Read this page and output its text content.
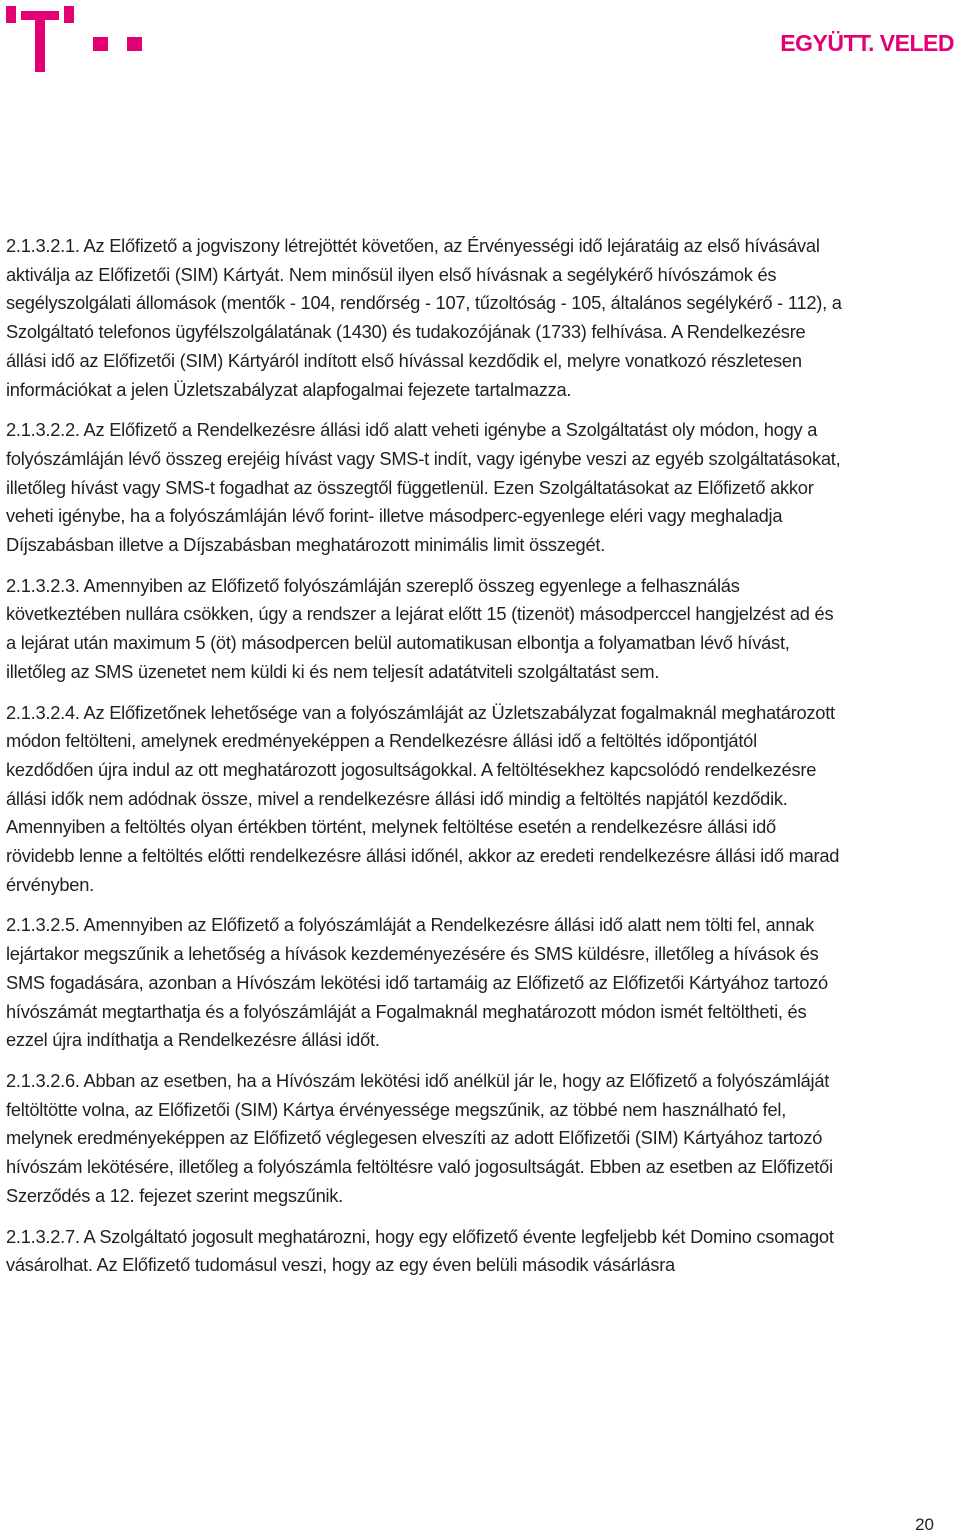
EGYÜTT. VELED

2.1.3.2.1. Az Előfizető a jogviszony létrejöttét követően, az Érvényességi idő lejáratáig az első hívásával aktiválja az Előfizetői (SIM) Kártyát. Nem minősül ilyen első hívásnak a segélykérő hívószámok és segélyszolgálati állomások (mentők - 104, rendőrség - 107, tűzoltóság - 105, általános segélykérő - 112), a Szolgáltató telefonos ügyfélszolgálatának (1430) és tudakozójának (1733) felhívása. A Rendelkezésre állási idő az Előfizetői (SIM) Kártyáról indított első hívással kezdődik el, melyre vonatkozó részletesen információkat a jelen Üzletszabályzat alapfogalmai fejezete tartalmazza.

2.1.3.2.2. Az Előfizető a Rendelkezésre állási idő alatt veheti igénybe a Szolgáltatást oly módon, hogy a folyószámláján lévő összeg erejéig hívást vagy SMS-t indít, vagy igénybe veszi az egyéb szolgáltatásokat, illetőleg hívást vagy SMS-t fogadhat az összegtől függetlenül. Ezen Szolgáltatásokat az Előfizető akkor veheti igénybe, ha a folyószámláján lévő forint- illetve másodperc-egyenlege eléri vagy meghaladja Díjszabásban illetve a Díjszabásban meghatározott minimális limit összegét.

2.1.3.2.3. Amennyiben az Előfizető folyószámláján szereplő összeg egyenlege a felhasználás következtében nullára csökken, úgy a rendszer a lejárat előtt 15 (tizenöt) másodperccel hangjelzést ad és a lejárat után maximum 5 (öt) másodpercen belül automatikusan elbontja a folyamatban lévő hívást, illetőleg az SMS üzenetet nem küldi ki és nem teljesít adatátviteli szolgáltatást sem.

2.1.3.2.4. Az Előfizetőnek lehetősége van a folyószámláját az Üzletszabályzat fogalmaknál meghatározott módon feltölteni, amelynek eredményeképpen a Rendelkezésre állási idő a feltöltés időpontjától kezdődően újra indul az ott meghatározott jogosultságokkal. A feltöltésekhez kapcsolódó rendelkezésre állási idők nem adódnak össze, mivel a rendelkezésre állási idő mindig a feltöltés napjától kezdődik. Amennyiben a feltöltés olyan értékben történt, melynek feltöltése esetén a rendelkezésre állási idő rövidebb lenne a feltöltés előtti rendelkezésre állási időnél, akkor az eredeti rendelkezésre állási idő marad érvényben.

2.1.3.2.5. Amennyiben az Előfizető a folyószámláját a Rendelkezésre állási idő alatt nem tölti fel, annak lejártakor megszűnik a lehetőség a hívások kezdeményezésére és SMS küldésre, illetőleg a hívások és SMS fogadására, azonban a Hívószám lekötési idő tartamáig az Előfizető az Előfizetői Kártyához tartozó hívószámát megtarthatja és a folyószámláját a Fogalmaknál meghatározott módon ismét feltöltheti, és ezzel újra indíthatja a Rendelkezésre állási időt.

2.1.3.2.6. Abban az esetben, ha a Hívószám lekötési idő anélkül jár le, hogy az Előfizető a folyószámláját feltöltötte volna, az Előfizetői (SIM) Kártya érvényessége megszűnik, az többé nem használható fel, melynek eredményeképpen az Előfizető véglegesen elveszíti az adott Előfizetői (SIM) Kártyához tartozó hívószám lekötésére, illetőleg a folyószámla feltöltésre való jogosultságát. Ebben az esetben az Előfizetői Szerződés a 12. fejezet szerint megszűnik.

2.1.3.2.7. A Szolgáltató jogosult meghatározni, hogy egy előfizető évente legfeljebb két Domino csomagot vásárolhat. Az Előfizető tudomásul veszi, hogy az egy éven belüli második vásárlásra

20
